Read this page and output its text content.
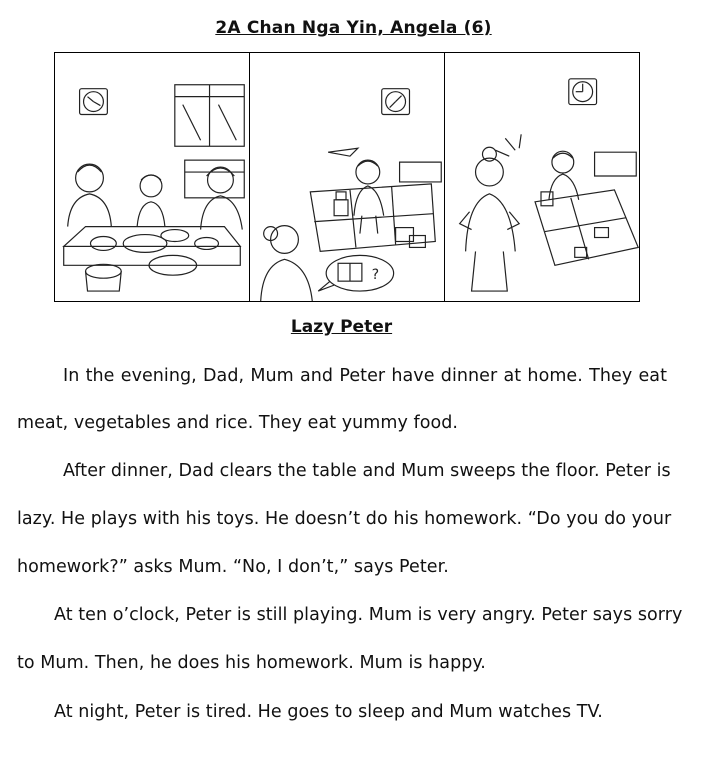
2A Chan Nga Yin, Angela (6)
?
Lazy Peter
In the evening, Dad, Mum and Peter have dinner at home. They eat
meat, vegetables and rice. They eat yummy food.
After dinner, Dad clears the table and Mum sweeps the floor. Peter is
lazy. He plays with his toys. He doesn’t do his homework. “Do you do your
homework?” asks Mum. “No, I don’t,” says Peter.
At ten o’clock, Peter is still playing. Mum is very angry. Peter says sorry
to Mum. Then, he does his homework. Mum is happy.
At night, Peter is tired. He goes to sleep and Mum watches TV.
